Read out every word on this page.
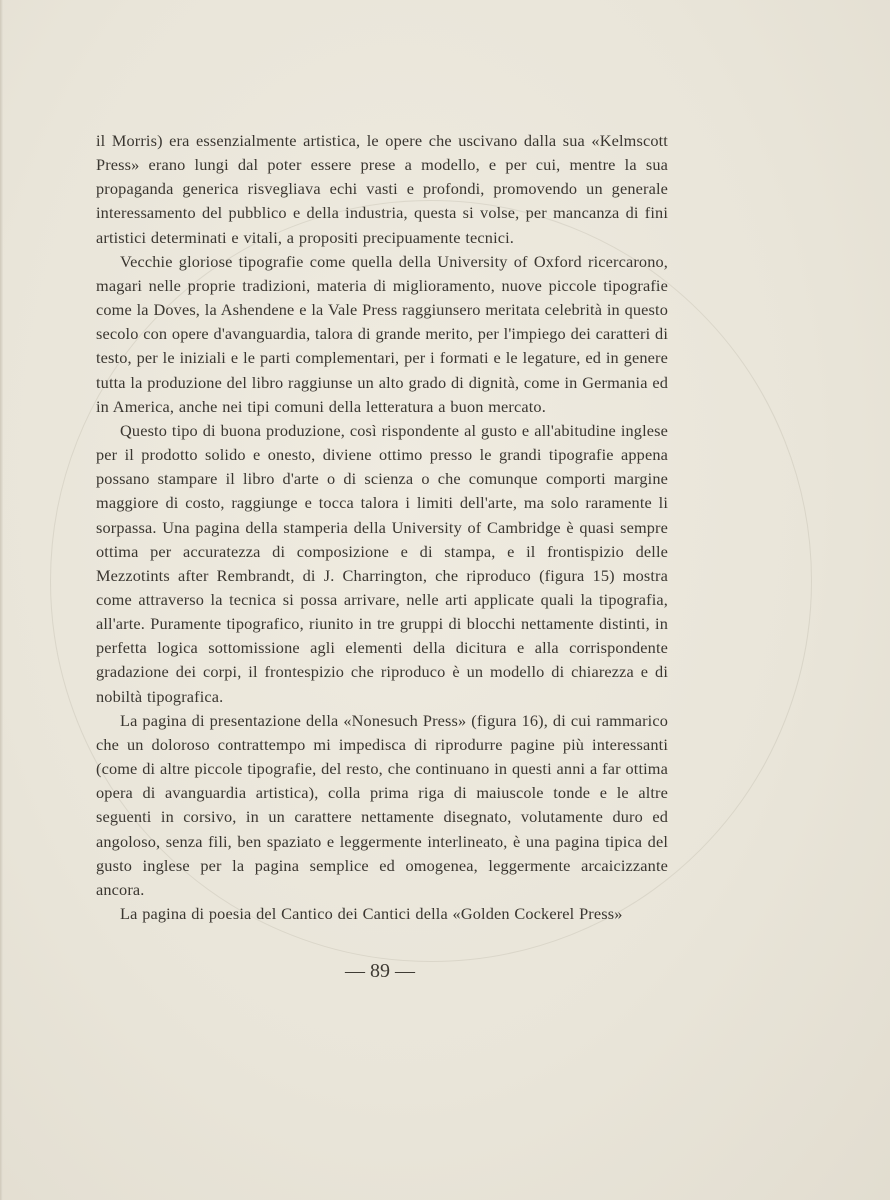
il Morris) era essenzialmente artistica, le opere che uscivano dalla sua «Kelmscott Press» erano lungi dal poter essere prese a modello, e per cui, mentre la sua propaganda generica risvegliava echi vasti e profondi, promovendo un generale interessamento del pubblico e della industria, questa si volse, per mancanza di fini artistici determinati e vitali, a propositi precipuamente tecnici.

Vecchie gloriose tipografie come quella della University of Oxford ricercarono, magari nelle proprie tradizioni, materia di miglioramento, nuove piccole tipografie come la Doves, la Ashendene e la Vale Press raggiunsero meritata celebrità in questo secolo con opere d'avanguardia, talora di grande merito, per l'impiego dei caratteri di testo, per le iniziali e le parti complementari, per i formati e le legature, ed in genere tutta la produzione del libro raggiunse un alto grado di dignità, come in Germania ed in America, anche nei tipi comuni della letteratura a buon mercato.

Questo tipo di buona produzione, così rispondente al gusto e all'abitudine inglese per il prodotto solido e onesto, diviene ottimo presso le grandi tipografie appena possano stampare il libro d'arte o di scienza o che comunque comporti margine maggiore di costo, raggiunge e tocca talora i limiti dell'arte, ma solo raramente li sorpassa. Una pagina della stamperia della University of Cambridge è quasi sempre ottima per accuratezza di composizione e di stampa, e il frontispizio delle Mezzotints after Rembrandt, di J. Charrington, che riproduco (figura 15) mostra come attraverso la tecnica si possa arrivare, nelle arti applicate quali la tipografia, all'arte. Puramente tipografico, riunito in tre gruppi di blocchi nettamente distinti, in perfetta logica sottomissione agli elementi della dicitura e alla corrispondente gradazione dei corpi, il frontespizio che riproduco è un modello di chiarezza e di nobiltà tipografica.

La pagina di presentazione della «Nonesuch Press» (figura 16), di cui rammarico che un doloroso contrattempo mi impedisca di riprodurre pagine più interessanti (come di altre piccole tipografie, del resto, che continuano in questi anni a far ottima opera di avanguardia artistica), colla prima riga di maiuscole tonde e le altre seguenti in corsivo, in un carattere nettamente disegnato, volutamente duro ed angoloso, senza fili, ben spaziato e leggermente interlineato, è una pagina tipica del gusto inglese per la pagina semplice ed omogenea, leggermente arcaicizzante ancora.

La pagina di poesia del Cantico dei Cantici della «Golden Cockerel Press»

— 89 —
